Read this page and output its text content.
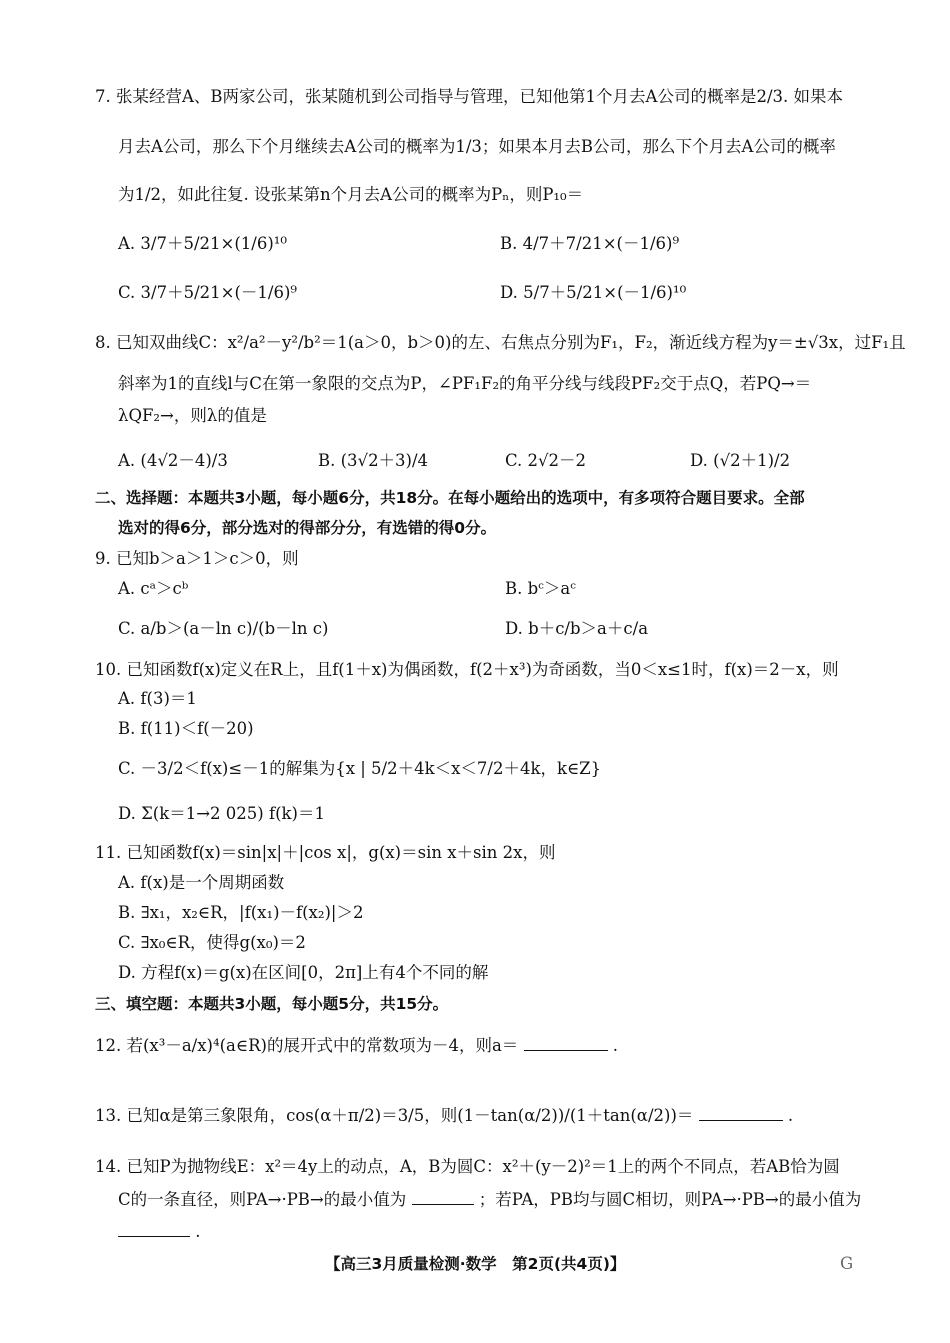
7. 张某经营A、B两家公司，张某随机到公司指导与管理，已知他第1个月去A公司的概率是2/3. 如果本
月去A公司，那么下个月继续去A公司的概率为1/3；如果本月去B公司，那么下个月去A公司的概率
为1/2，如此往复. 设张某第n个月去A公司的概率为Pₙ，则P₁₀＝
A. 3/7＋5/21×(1/6)¹⁰	B. 4/7＋7/21×(－1/6)⁹
C. 3/7＋5/21×(－1/6)⁹	D. 5/7＋5/21×(－1/6)¹⁰
8. 已知双曲线C：x²/a²－y²/b²＝1(a＞0，b＞0)的左、右焦点分别为F₁，F₂，渐近线方程为y＝±√3x，过F₁且
斜率为1的直线l与C在第一象限的交点为P，∠PF₁F₂的角平分线与线段PF₂交于点Q，若PQ→＝
λQF₂→，则λ的值是
A. (4√2－4)/3	B. (3√2＋3)/4	C. 2√2－2	D. (√2＋1)/2
二、选择题：本题共3小题，每小题6分，共18分。在每小题给出的选项中，有多项符合题目要求。全部
选对的得6分，部分选对的得部分分，有选错的得0分。
9. 已知b＞a＞1＞c＞0，则
A. cᵃ＞cᵇ	B. bᶜ＞aᶜ
C. a/b＞(a－ln c)/(b－ln c)	D. b＋c/b＞a＋c/a
10. 已知函数f(x)定义在R上，且f(1＋x)为偶函数，f(2＋x³)为奇函数，当0＜x≤1时，f(x)＝2－x，则
A. f(3)＝1
B. f(11)＜f(－20)
C. －3/2＜f(x)≤－1的解集为{x | 5/2＋4k＜x＜7/2＋4k，k∈Z}
D. Σ(k＝1→2 025) f(k)＝1
11. 已知函数f(x)＝sin|x|＋|cos x|，g(x)＝sin x＋sin 2x，则
A. f(x)是一个周期函数
B. ∃x₁，x₂∈R，|f(x₁)－f(x₂)|＞2
C. ∃x₀∈R，使得g(x₀)＝2
D. 方程f(x)＝g(x)在区间[0，2π]上有4个不同的解
三、填空题：本题共3小题，每小题5分，共15分。
12. 若(x³－a/x)⁴(a∈R)的展开式中的常数项为－4，则a＝	.
13. 已知α是第三象限角，cos(α＋π/2)＝3/5，则(1－tan(α/2))/(1＋tan(α/2))＝	.
14. 已知P为抛物线E：x²＝4y上的动点，A，B为圆C：x²＋(y－2)²＝1上的两个不同点，若AB恰为圆
C的一条直径，则PA→·PB→的最小值为	；若PA，PB均与圆C相切，则PA→·PB→的最小值为
.
【高三3月质量检测·数学　第2页(共4页)】	G
